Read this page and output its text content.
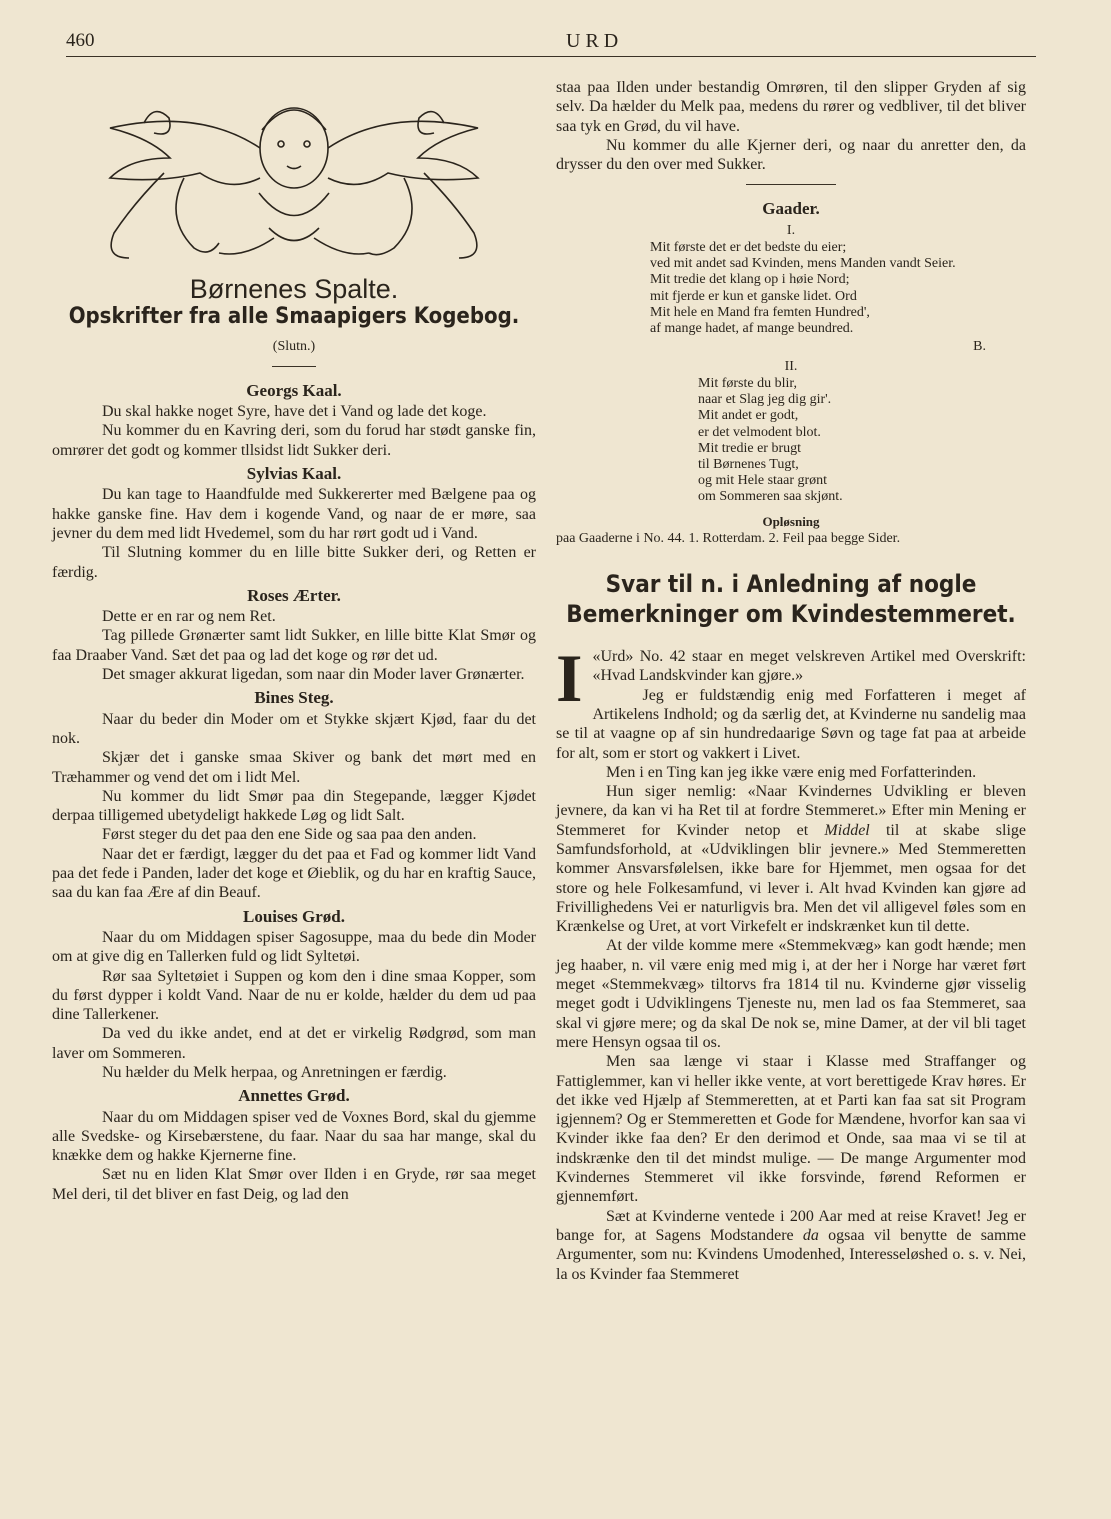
460	URD
Børnenes Spalte.
Opskrifter fra alle Smaapigers Kogebog.
(Slutn.)
Georgs Kaal.

Du skal hakke noget Syre, have det i Vand og lade det koge.

Nu kommer du en Kavring deri, som du forud har stødt ganske fin, omrører det godt og kommer tllsidst lidt Sukker deri.

Sylvias Kaal.

Du kan tage to Haandfulde med Sukkererter med Bælgene paa og hakke ganske fine. Hav dem i kogende Vand, og naar de er møre, saa jevner du dem med lidt Hvedemel, som du har rørt godt ud i Vand.

Til Slutning kommer du en lille bitte Sukker deri, og Retten er færdig.

Roses Ærter.

Dette er en rar og nem Ret.

Tag pillede Grønærter samt lidt Sukker, en lille bitte Klat Smør og faa Draaber Vand. Sæt det paa og lad det koge og rør det ud.

Det smager akkurat ligedan, som naar din Moder laver Grønærter.

Bines Steg.

Naar du beder din Moder om et Stykke skjært Kjød, faar du det nok.

Skjær det i ganske smaa Skiver og bank det mørt med en Træhammer og vend det om i lidt Mel.

Nu kommer du lidt Smør paa din Stegepande, lægger Kjødet derpaa tilligemed ubetydeligt hakkede Løg og lidt Salt.

Først steger du det paa den ene Side og saa paa den anden.

Naar det er færdigt, lægger du det paa et Fad og kommer lidt Vand paa det fede i Panden, lader det koge et Øieblik, og du har en kraftig Sauce, saa du kan faa Ære af din Beauf.

Louises Grød.

Naar du om Middagen spiser Sagosuppe, maa du bede din Moder om at give dig en Tallerken fuld og lidt Syltetøi.

Rør saa Syltetøiet i Suppen og kom den i dine smaa Kopper, som du først dypper i koldt Vand. Naar de nu er kolde, hælder du dem ud paa dine Tallerkener.

Da ved du ikke andet, end at det er virkelig Rødgrød, som man laver om Sommeren.

Nu hælder du Melk herpaa, og Anretningen er færdig.

Annettes Grød.

Naar du om Middagen spiser ved de Voxnes Bord, skal du gjemme alle Svedske- og Kirsebærstene, du faar. Naar du saa har mange, skal du knække dem og hakke Kjernerne fine.

Sæt nu en liden Klat Smør over Ilden i en Gryde, rør saa meget Mel deri, til det bliver en fast Deig, og lad den

staa paa Ilden under bestandig Omrøren, til den slipper Gryden af sig selv. Da hælder du Melk paa, medens du rører og vedbliver, til det bliver saa tyk en Grød, du vil have.

Nu kommer du alle Kjerner deri, og naar du anretter den, da drysser du den over med Sukker.

Gaader.
I.
Mit første det er det bedste du eier;
ved mit andet sad Kvinden, mens Manden vandt Seier.
Mit tredie det klang op i høie Nord;
mit fjerde er kun et ganske lidet. Ord
Mit hele en Mand fra femten Hundred',
af mange hadet, af mange beundred.
B.
II.
Mit første du blir,
naar et Slag jeg dig gir'.
Mit andet er godt,
er det velmodent blot.
Mit tredie er brugt
til Børnenes Tugt,
og mit Hele staar grønt
om Sommeren saa skjønt.
Opløsning

paa Gaaderne i No. 44. 1. Rotterdam. 2. Feil paa begge Sider.

Svar til n. i Anledning af nogle Bemerkninger om Kvindestemmeret.
I «Urd» No. 42 staar en meget velskreven Artikel med Overskrift: «Hvad Landskvinder kan gjøre.»

Jeg er fuldstændig enig med Forfatteren i meget af Artikelens Indhold; og da særlig det, at Kvinderne nu sandelig maa se til at vaagne op af sin hundredaarige Søvn og tage fat paa at arbeide for alt, som er stort og vakkert i Livet.

Men i en Ting kan jeg ikke være enig med Forfatterinden.

Hun siger nemlig: «Naar Kvindernes Udvikling er bleven jevnere, da kan vi ha Ret til at fordre Stemmeret.» Efter min Mening er Stemmeret for Kvinder netop et Middel til at skabe slige Samfundsforhold, at «Udviklingen blir jevnere.» Med Stemmeretten kommer Ansvarsfølelsen, ikke bare for Hjemmet, men ogsaa for det store og hele Folkesamfund, vi lever i. Alt hvad Kvinden kan gjøre ad Frivillighedens Vei er naturligvis bra. Men det vil alligevel føles som en Krænkelse og Uret, at vort Virkefelt er indskrænket kun til dette.

At der vilde komme mere «Stemmekvæg» kan godt hænde; men jeg haaber, n. vil være enig med mig i, at der her i Norge har været ført meget «Stemmekvæg» tiltorvs fra 1814 til nu. Kvinderne gjør visselig meget godt i Udviklingens Tjeneste nu, men lad os faa Stemmeret, saa skal vi gjøre mere; og da skal De nok se, mine Damer, at der vil bli taget mere Hensyn ogsaa til os.

Men saa længe vi staar i Klasse med Straffanger og Fattiglemmer, kan vi heller ikke vente, at vort berettigede Krav høres. Er det ikke ved Hjælp af Stemmeretten, at et Parti kan faa sat sit Program igjennem? Og er Stemmeretten et Gode for Mændene, hvorfor kan saa vi Kvinder ikke faa den? Er den derimod et Onde, saa maa vi se til at indskrænke den til det mindst mulige. — De mange Argumenter mod Kvindernes Stemmeret vil ikke forsvinde, førend Reformen er gjennemført.

Sæt at Kvinderne ventede i 200 Aar med at reise Kravet! Jeg er bange for, at Sagens Modstandere da ogsaa vil benytte de samme Argumenter, som nu: Kvindens Umodenhed, Interesseløshed o. s. v. Nei, la os Kvinder faa Stemmeret
